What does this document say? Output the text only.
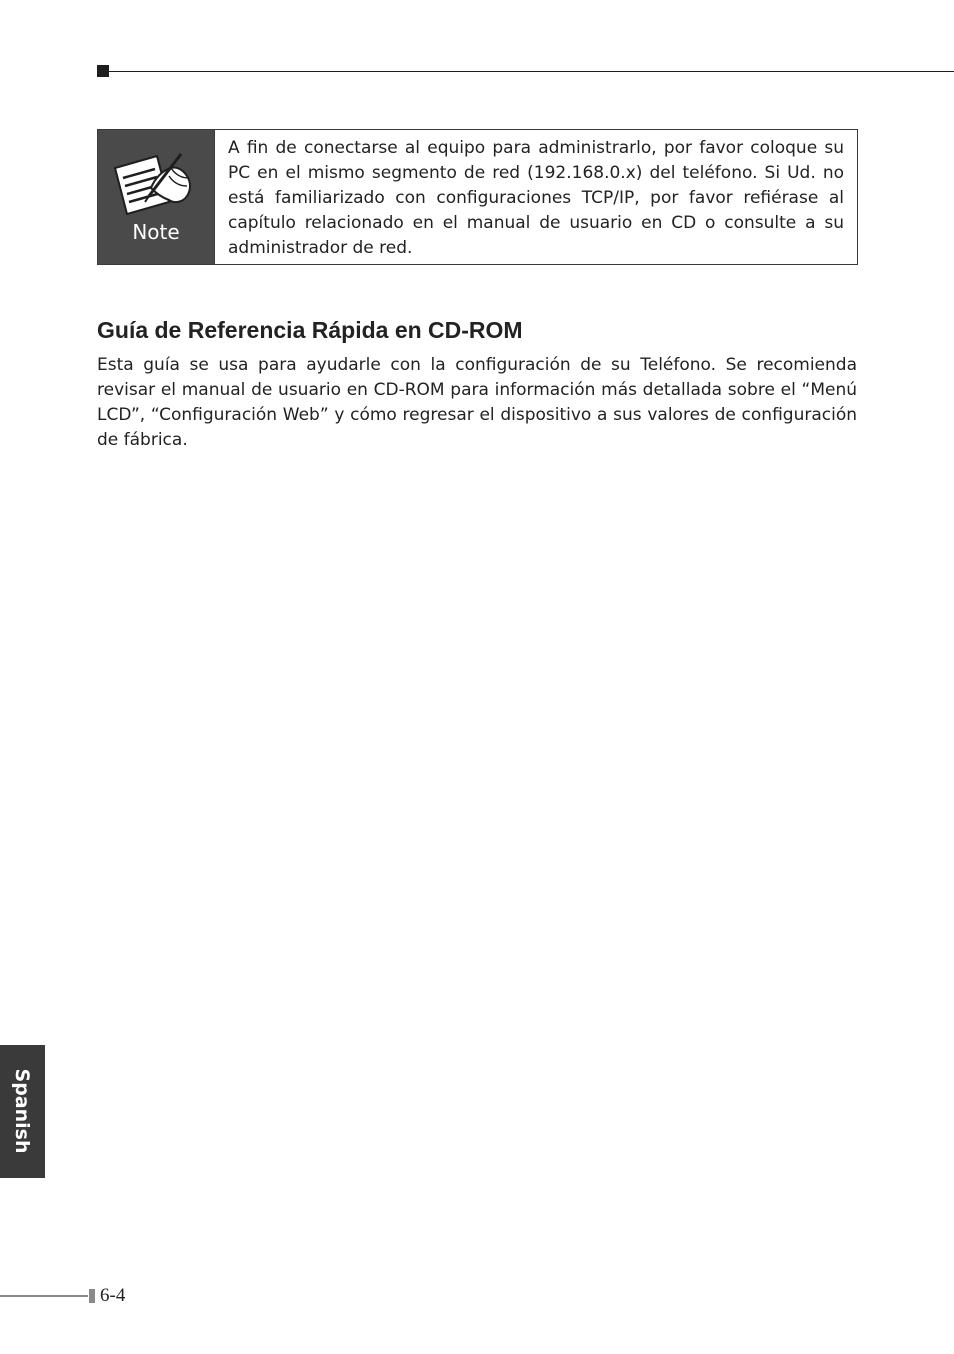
Note
A fin de conectarse al equipo para administrarlo, por favor coloque su PC en el mismo segmento de red (192.168.0.x) del teléfono. Si Ud. no está familiarizado con configuraciones TCP/IP, por favor refiérase al capítulo relacionado en el manual de usuario en CD o consulte a su administrador de red.
Guía de Referencia Rápida en CD-ROM

Esta guía se usa para ayudarle con la configuración de su Teléfono. Se recomienda revisar el manual de usuario en CD-ROM para información más detallada sobre el “Menú LCD”, “Configuración Web” y cómo regresar el dispositivo a sus valores de configuración de fábrica.

Spanish
6-4
